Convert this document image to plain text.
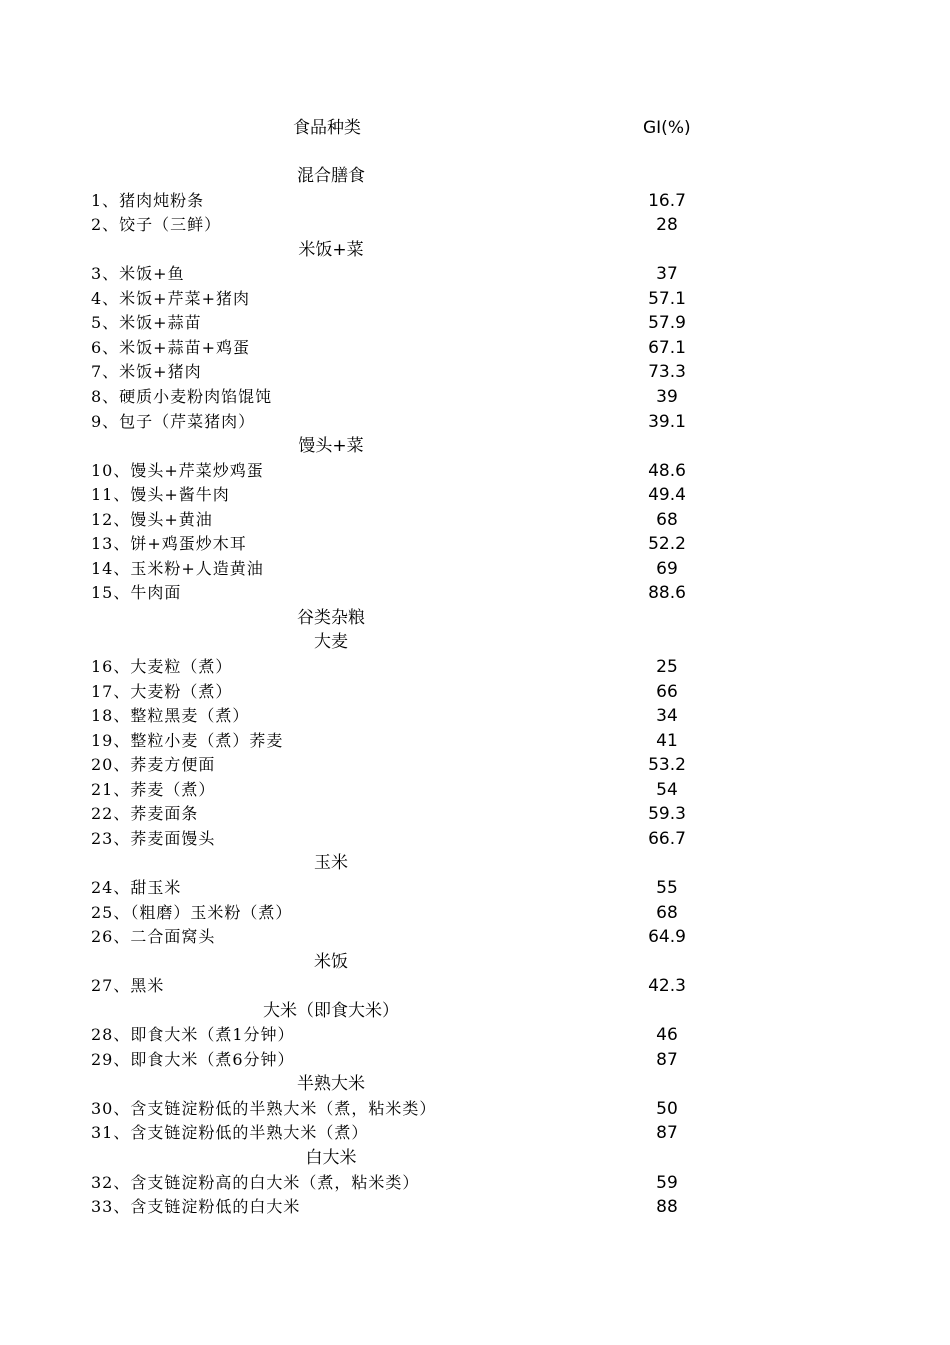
食品种类	GI(%)
混合膳食
1、猪肉炖粉条	16.7
2、饺子（三鲜）	28
米饭+菜
3、米饭+鱼	37
4、米饭+芹菜+猪肉	57.1
5、米饭+蒜苗	57.9
6、米饭+蒜苗+鸡蛋	67.1
7、米饭+猪肉	73.3
8、硬质小麦粉肉馅馄饨	39
9、包子（芹菜猪肉）	39.1
馒头+菜
10、馒头+芹菜炒鸡蛋	48.6
11、馒头+酱牛肉	49.4
12、馒头+黄油	68
13、饼+鸡蛋炒木耳	52.2
14、玉米粉+人造黄油	69
15、牛肉面	88.6
谷类杂粮
大麦
16、大麦粒（煮）	25
17、大麦粉（煮）	66
18、整粒黑麦（煮）	34
19、整粒小麦（煮）荞麦	41
20、荞麦方便面	53.2
21、荞麦（煮）	54
22、荞麦面条	59.3
23、荞麦面馒头	66.7
玉米
24、甜玉米	55
25、（粗磨）玉米粉（煮）	68
26、二合面窝头	64.9
米饭
27、黑米	42.3
大米（即食大米）
28、即食大米（煮1分钟）	46
29、即食大米（煮6分钟）	87
半熟大米
30、含支链淀粉低的半熟大米（煮，粘米类）	50
31、含支链淀粉低的半熟大米（煮）	87
白大米
32、含支链淀粉高的白大米（煮，粘米类）	59
33、含支链淀粉低的白大米	88
